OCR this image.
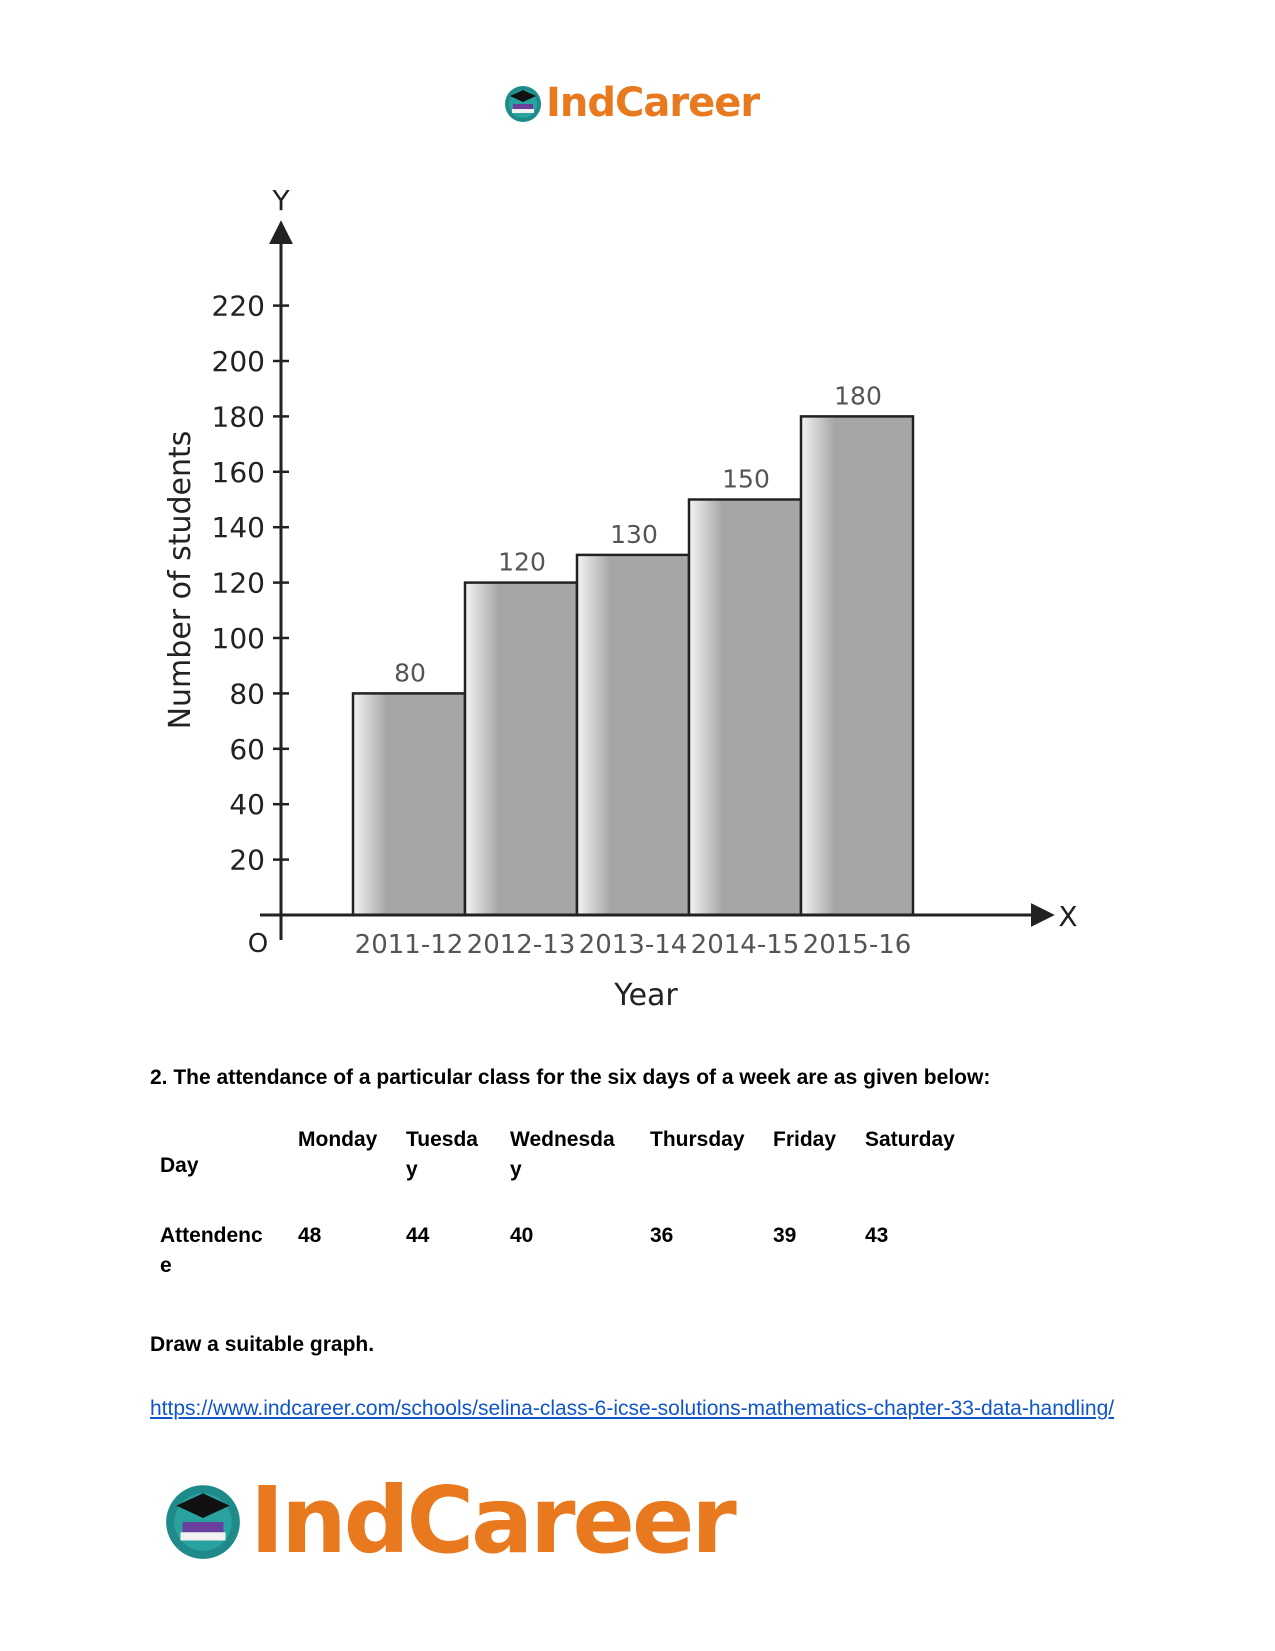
IndCareer
20
40
60
80
100
120
140
160
180
200
220
80
2011-12
120
2012-13
130
2013-14
150
2014-15
180
2015-16
Y
X
O
Number of students
Year
2. The attendance of a particular class for the six days of a week are as given below:
Day	Monday	Tuesda y	Wednesda y	Thursday	Friday	Saturday
Attendenc e	48	44	40	36	39	43
Draw a suitable graph.
https://www.indcareer.com/schools/selina-class-6-icse-solutions-mathematics-chapter-33-data-handling/
IndCareer
